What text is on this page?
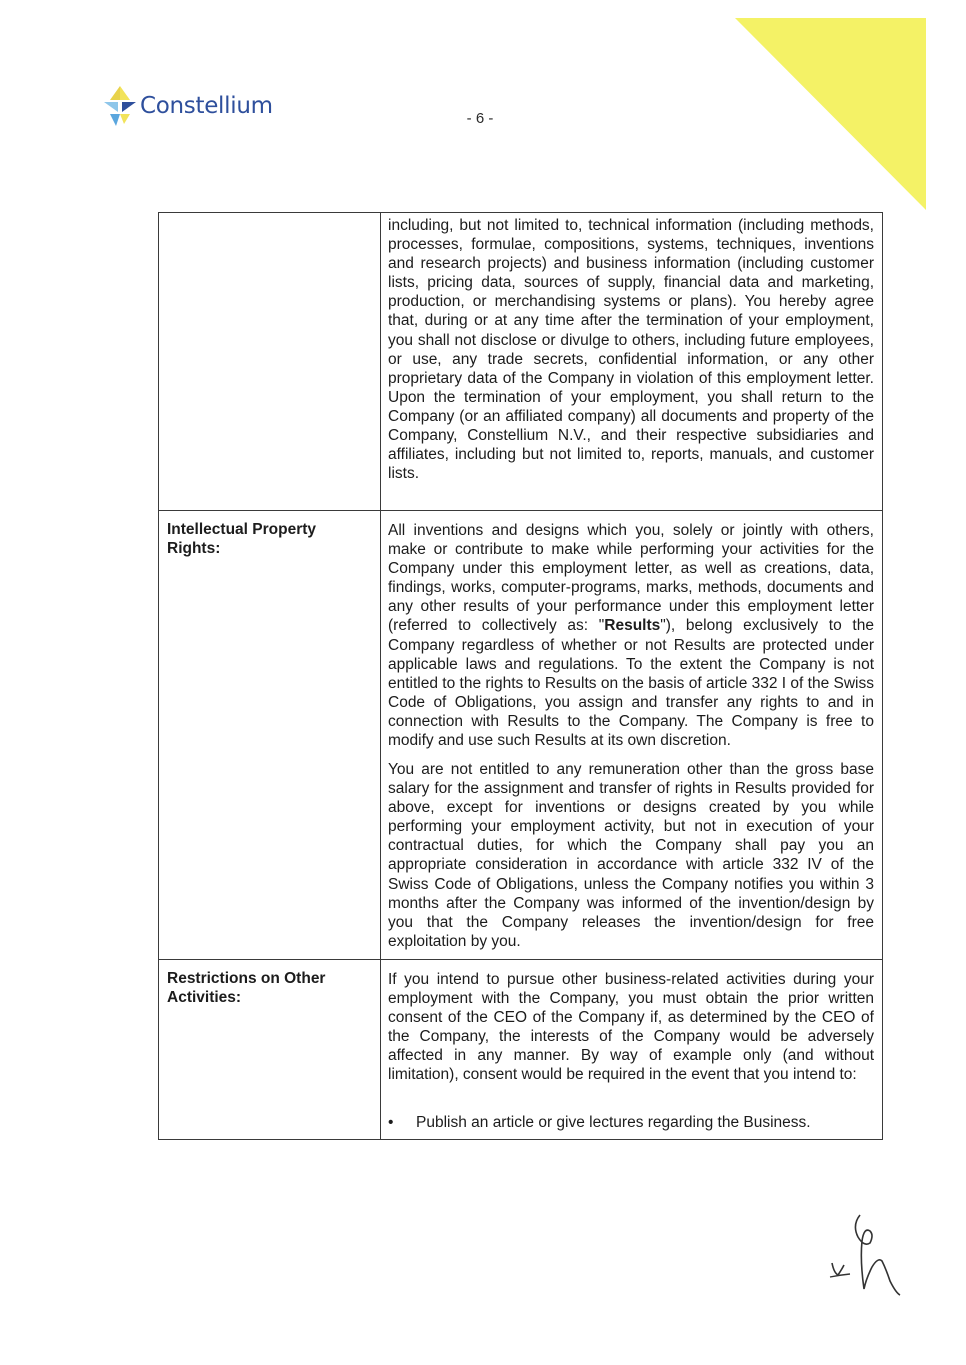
Constellium	- 6 -
including, but not limited to, technical information (including methods, processes, formulae, compositions, systems, techniques, inventions and research projects) and business information (including customer lists, pricing data, sources of supply, financial data and marketing, production, or merchandising systems or plans). You hereby agree that, during or at any time after the termination of your employment, you shall not disclose or divulge to others, including future employees, or use, any trade secrets, confidential information, or any other proprietary data of the Company in violation of this employment letter. Upon the termination of your employment, you shall return to the Company (or an affiliated company) all documents and property of the Company, Constellium N.V., and their respective subsidiaries and affiliates, including but not limited to, reports, manuals, and customer lists.
Intellectual Property Rights:
All inventions and designs which you, solely or jointly with others, make or contribute to make while performing your activities for the Company under this employment letter, as well as creations, data, findings, works, computer-programs, marks, methods, documents and any other results of your performance under this employment letter (referred to collectively as: "Results"), belong exclusively to the Company regardless of whether or not Results are protected under applicable laws and regulations. To the extent the Company is not entitled to the rights to Results on the basis of article 332 I of the Swiss Code of Obligations, you assign and transfer any rights to and in connection with Results to the Company. The Company is free to modify and use such Results at its own discretion.
You are not entitled to any remuneration other than the gross base salary for the assignment and transfer of rights in Results provided for above, except for inventions or designs created by you while performing your employment activity, but not in execution of your contractual duties, for which the Company shall pay you an appropriate consideration in accordance with article 332 IV of the Swiss Code of Obligations, unless the Company notifies you within 3 months after the Company was informed of the invention/design by you that the Company releases the invention/design for free exploitation by you.
Restrictions on Other Activities:
If you intend to pursue other business-related activities during your employment with the Company, you must obtain the prior written consent of the CEO of the Company if, as determined by the CEO of the Company, the interests of the Company would be adversely affected in any manner. By way of example only (and without limitation), consent would be required in the event that you intend to:
•	Publish an article or give lectures regarding the Business.
